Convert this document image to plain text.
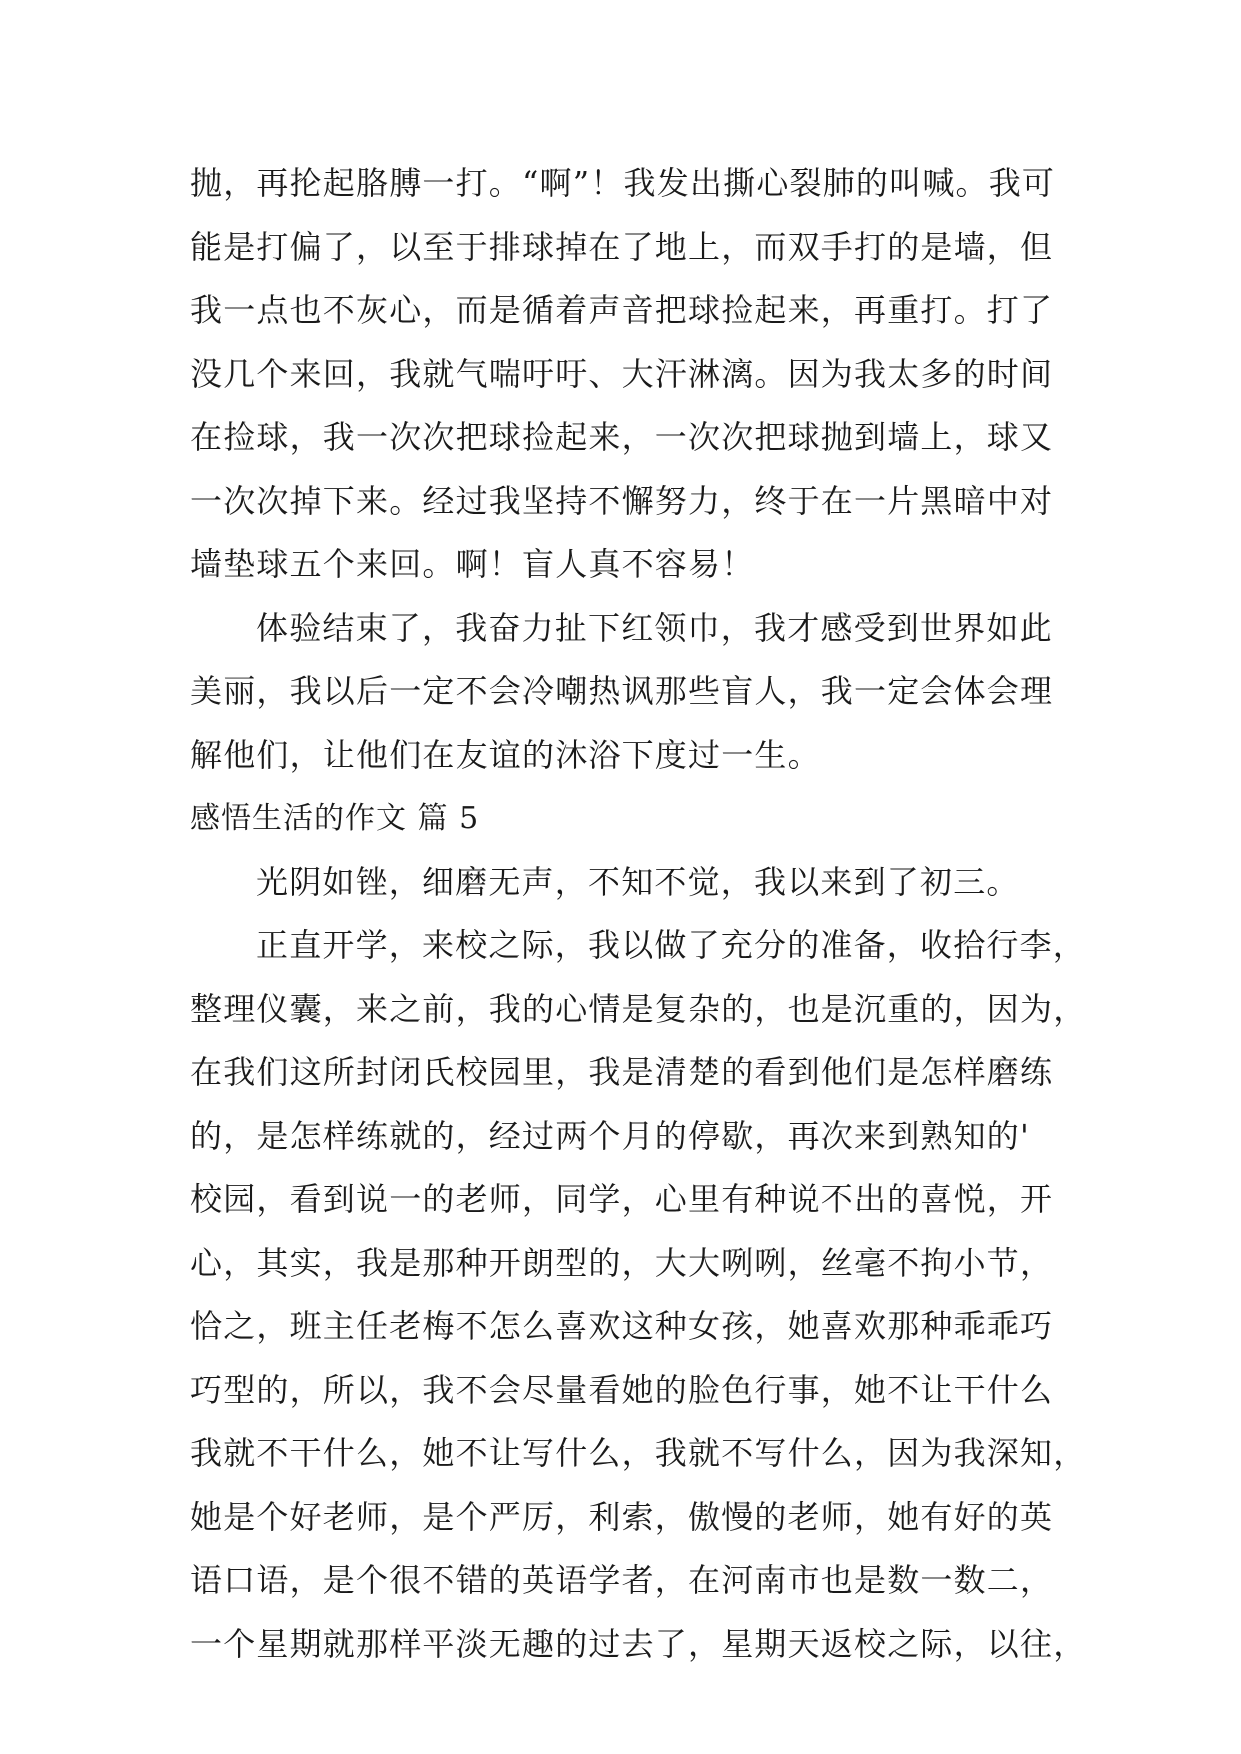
抛，再抡起胳膊一打。“啊”！我发出撕心裂肺的叫喊。我可
能是打偏了，以至于排球掉在了地上，而双手打的是墙，但
我一点也不灰心，而是循着声音把球捡起来，再重打。打了
没几个来回，我就气喘吁吁、大汗淋漓。因为我太多的时间
在捡球，我一次次把球捡起来，一次次把球抛到墙上，球又
一次次掉下来。经过我坚持不懈努力，终于在一片黑暗中对
墙垫球五个来回。啊！盲人真不容易！
体验结束了，我奋力扯下红领巾，我才感受到世界如此
美丽，我以后一定不会冷嘲热讽那些盲人，我一定会体会理
解他们，让他们在友谊的沐浴下度过一生。
感悟生活的作文 篇 5
光阴如锉，细磨无声，不知不觉，我以来到了初三。
正直开学，来校之际，我以做了充分的准备，收拾行李，
整理仪囊，来之前，我的心情是复杂的，也是沉重的，因为，
在我们这所封闭氏校园里，我是清楚的看到他们是怎样磨练
的，是怎样练就的，经过两个月的停歇，再次来到熟知的'
校园，看到说一的老师，同学，心里有种说不出的喜悦，开
心，其实，我是那种开朗型的，大大咧咧，丝毫不拘小节，
恰之，班主任老梅不怎么喜欢这种女孩，她喜欢那种乖乖巧
巧型的，所以，我不会尽量看她的脸色行事，她不让干什么
我就不干什么，她不让写什么，我就不写什么，因为我深知，
她是个好老师，是个严厉，利索，傲慢的老师，她有好的英
语口语，是个很不错的英语学者，在河南市也是数一数二，
一个星期就那样平淡无趣的过去了，星期天返校之际，以往，
